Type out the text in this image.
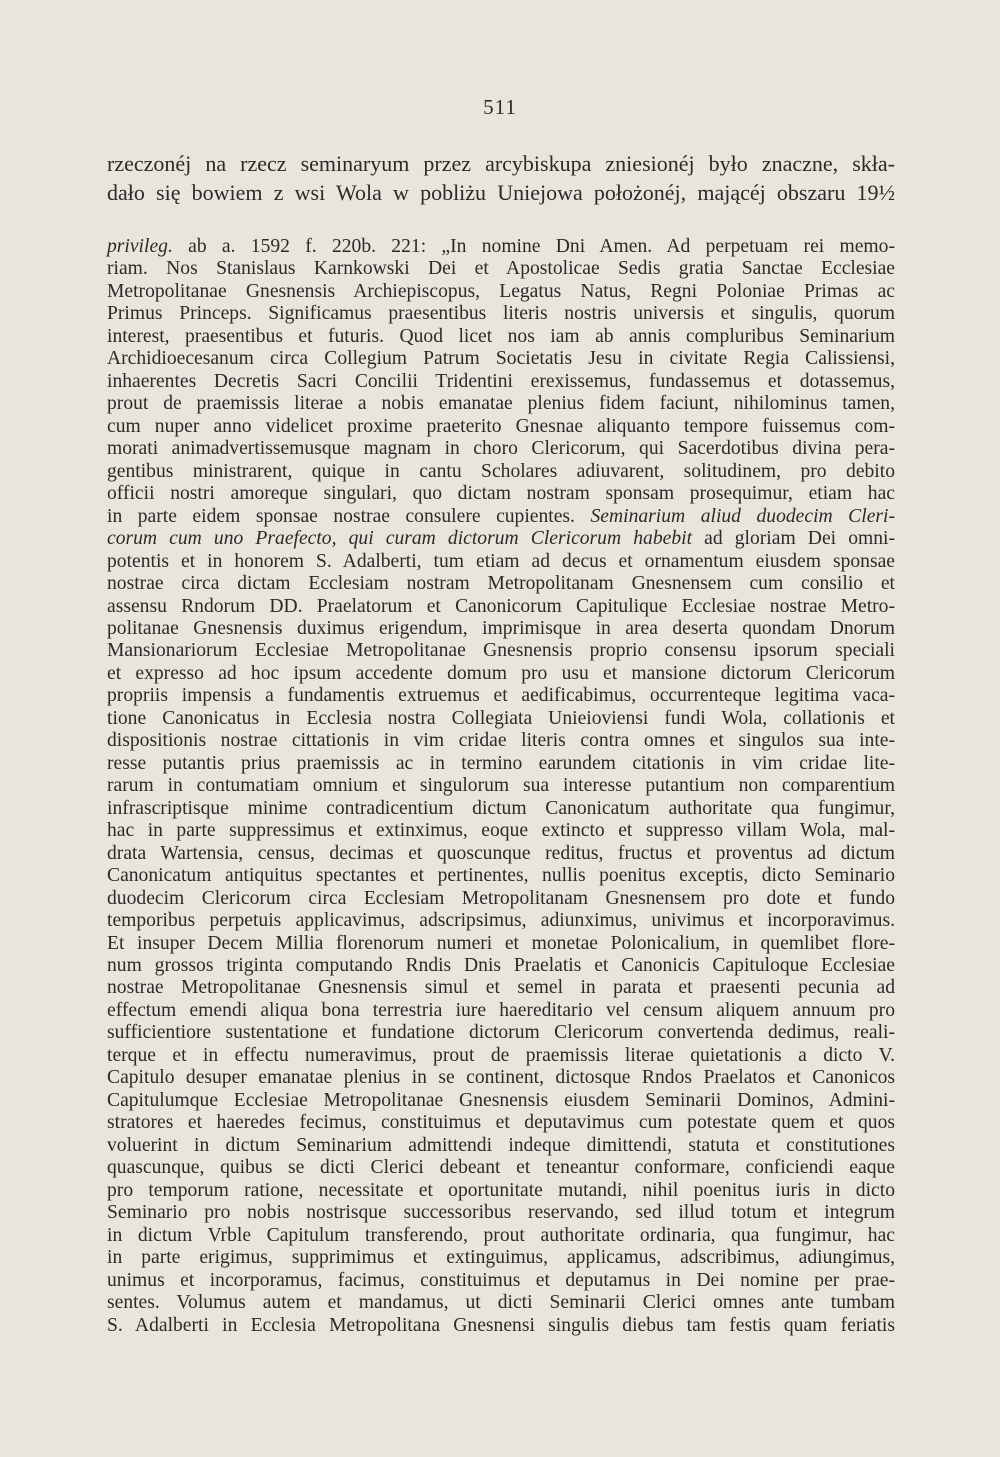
511
rzeczonéj na rzecz seminaryum przez arcybiskupa zniesionéj było znaczne, skła-
dało się bowiem z wsi Wola w pobliżu Uniejowa położonéj, mającéj obszaru 19½
privileg. ab a. 1592 f. 220b. 221: „In nomine Dni Amen. Ad perpetuam rei memo-
riam. Nos Stanislaus Karnkowski Dei et Apostolicae Sedis gratia Sanctae Ecclesiae
Metropolitanae Gnesnensis Archiepiscopus, Legatus Natus, Regni Poloniae Primas ac
Primus Princeps. Significamus praesentibus literis nostris universis et singulis, quorum
interest, praesentibus et futuris. Quod licet nos iam ab annis compluribus Seminarium
Archidioecesanum circa Collegium Patrum Societatis Jesu in civitate Regia Calissiensi,
inhaerentes Decretis Sacri Concilii Tridentini erexissemus, fundassemus et dotassemus,
prout de praemissis literae a nobis emanatae plenius fidem faciunt, nihilominus tamen,
cum nuper anno videlicet proxime praeterito Gnesnae aliquanto tempore fuissemus com-
morati animadvertissemusque magnam in choro Clericorum, qui Sacerdotibus divina pera-
gentibus ministrarent, quique in cantu Scholares adiuvarent, solitudinem, pro debito
officii nostri amoreque singulari, quo dictam nostram sponsam prosequimur, etiam hac
in parte eidem sponsae nostrae consulere cupientes. Seminarium aliud duodecim Cleri-
corum cum uno Praefecto, qui curam dictorum Clericorum habebit ad gloriam Dei omni-
potentis et in honorem S. Adalberti, tum etiam ad decus et ornamentum eiusdem sponsae
nostrae circa dictam Ecclesiam nostram Metropolitanam Gnesnensem cum consilio et
assensu Rndorum DD. Praelatorum et Canonicorum Capitulique Ecclesiae nostrae Metro-
politanae Gnesnensis duximus erigendum, imprimisque in area deserta quondam Dnorum
Mansionariorum Ecclesiae Metropolitanae Gnesnensis proprio consensu ipsorum speciali
et expresso ad hoc ipsum accedente domum pro usu et mansione dictorum Clericorum
propriis impensis a fundamentis extruemus et aedificabimus, occurrenteque legitima vaca-
tione Canonicatus in Ecclesia nostra Collegiata Unieioviensi fundi Wola, collationis et
dispositionis nostrae cittationis in vim cridae literis contra omnes et singulos sua inte-
resse putantis prius praemissis ac in termino earundem citationis in vim cridae lite-
rarum in contumatiam omnium et singulorum sua interesse putantium non comparentium
infrascriptisque minime contradicentium dictum Canonicatum authoritate qua fungimur,
hac in parte suppressimus et extinximus, eoque extincto et suppresso villam Wola, mal-
drata Wartensia, census, decimas et quoscunque reditus, fructus et proventus ad dictum
Canonicatum antiquitus spectantes et pertinentes, nullis poenitus exceptis, dicto Seminario
duodecim Clericorum circa Ecclesiam Metropolitanam Gnesnensem pro dote et fundo
temporibus perpetuis applicavimus, adscripsimus, adiunximus, univimus et incorporavimus.
Et insuper Decem Millia florenorum numeri et monetae Polonicalium, in quemlibet flore-
num grossos triginta computando Rndis Dnis Praelatis et Canonicis Capituloque Ecclesiae
nostrae Metropolitanae Gnesnensis simul et semel in parata et praesenti pecunia ad
effectum emendi aliqua bona terrestria iure haereditario vel censum aliquem annuum pro
sufficientiore sustentatione et fundatione dictorum Clericorum convertenda dedimus, reali-
terque et in effectu numeravimus, prout de praemissis literae quietationis a dicto V.
Capitulo desuper emanatae plenius in se continent, dictosque Rndos Praelatos et Canonicos
Capitulumque Ecclesiae Metropolitanae Gnesnensis eiusdem Seminarii Dominos, Admini-
stratores et haeredes fecimus, constituimus et deputavimus cum potestate quem et quos
voluerint in dictum Seminarium admittendi indeque dimittendi, statuta et constitutiones
quascunque, quibus se dicti Clerici debeant et teneantur conformare, conficiendi eaque
pro temporum ratione, necessitate et oportunitate mutandi, nihil poenitus iuris in dicto
Seminario pro nobis nostrisque successoribus reservando, sed illud totum et integrum
in dictum Vrble Capitulum transferendo, prout authoritate ordinaria, qua fungimur, hac
in parte erigimus, supprimimus et extinguimus, applicamus, adscribimus, adiungimus,
unimus et incorporamus, facimus, constituimus et deputamus in Dei nomine per prae-
sentes. Volumus autem et mandamus, ut dicti Seminarii Clerici omnes ante tumbam
S. Adalberti in Ecclesia Metropolitana Gnesnensi singulis diebus tam festis quam feriatis
